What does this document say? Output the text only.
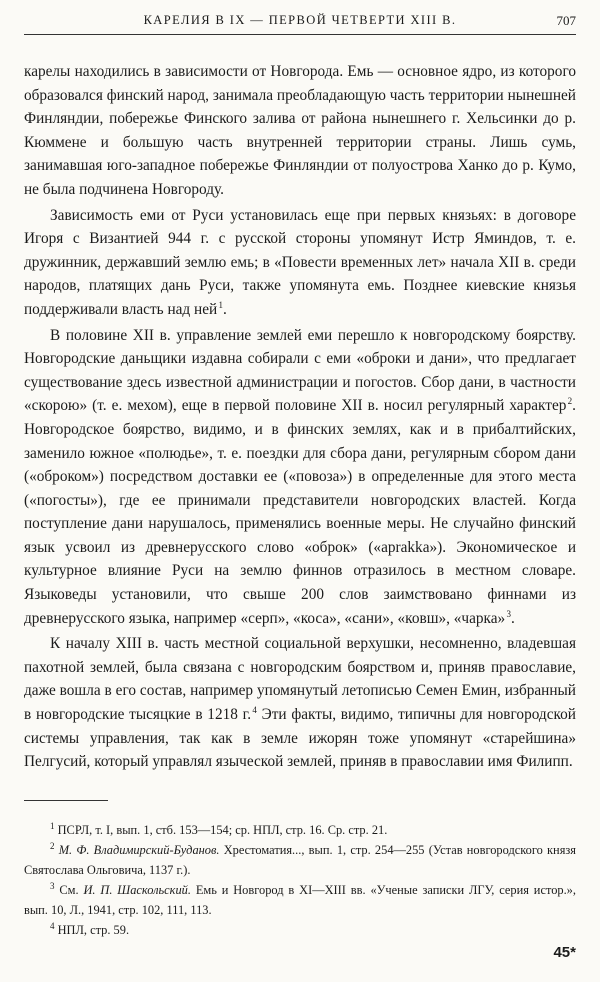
КАРЕЛИЯ В IX — ПЕРВОЙ ЧЕТВЕРТИ XIII В.	707

карелы находились в зависимости от Новгорода. Емь — основное ядро, из которого образовался финский народ, занимала преобладающую часть территории нынешней Финляндии, побережье Финского залива от района нынешнего г. Хельсинки до р. Кюммене и большую часть внутренней территории страны. Лишь сумь, занимавшая юго-западное побережье Финляндии от полуострова Ханко до р. Кумо, не была подчинена Новгороду.

Зависимость еми от Руси установилась еще при первых князьях: в договоре Игоря с Византией 944 г. с русской стороны упомянут Истр Яминдов, т. е. дружинник, державший землю емь; в «Повести временных лет» начала XII в. среди народов, платящих дань Руси, также упомянута емь. Позднее киевские князья поддерживали власть над ней $^1$.

В половине XII в. управление землей еми перешло к новгородскому боярству. Новгородские даньщики издавна собирали с еми «оброки и дани», что предлагает существование здесь известной администрации и погостов. Сбор дани, в частности «скорою» (т. е. мехом), еще в первой половине XII в. носил регулярный характер $^2$. Новгородское боярство, видимо, и в финских землях, как и в прибалтийских, заменило южное «полюдье», т. е. поездки для сбора дани, регулярным сбором дани («оброком») посредством доставки ее («повоза») в определенные для этого места («погосты»), где ее принимали представители новгородских властей. Когда поступление дани нарушалось, применялись военные меры. Не случайно финский язык усвоил из древнерусского слово «оброк» («aprakka»). Экономическое и культурное влияние Руси на землю финнов отразилось в местном словаре. Языковеды установили, что свыше 200 слов заимствовано финнами из древнерусского языка, например «серп», «коса», «сани», «ковш», «чарка» $^3$.

К началу XIII в. часть местной социальной верхушки, несомненно, владевшая пахотной землей, была связана с новгородским боярством и, приняв православие, даже вошла в его состав, например упомянутый летописью Семен Емин, избранный в новгородские тысяцкие в 1218 г. $^4$ Эти факты, видимо, типичны для новгородской системы управления, так как в земле ижорян тоже упомянут «старейшина» Пелгусий, который управлял языческой землей, приняв в православии имя Филипп.

$^1$ ПСРЛ, т. I, вып. 1, стб. 153—154; ср. НПЛ, стр. 16. Ср. стр. 21.

$^2$ М. Ф. Владимирский-Буданов. Хрестоматия..., вып. 1, стр. 254—255 (Устав новгородского князя Святослава Ольговича, 1137 г.).

$^3$ См. И. П. Шаскольский. Емь и Новгород в XI—XIII вв. «Ученые записки ЛГУ, серия истор.», вып. 10, Л., 1941, стр. 102, 111, 113.

$^4$ НПЛ, стр. 59.

45*
